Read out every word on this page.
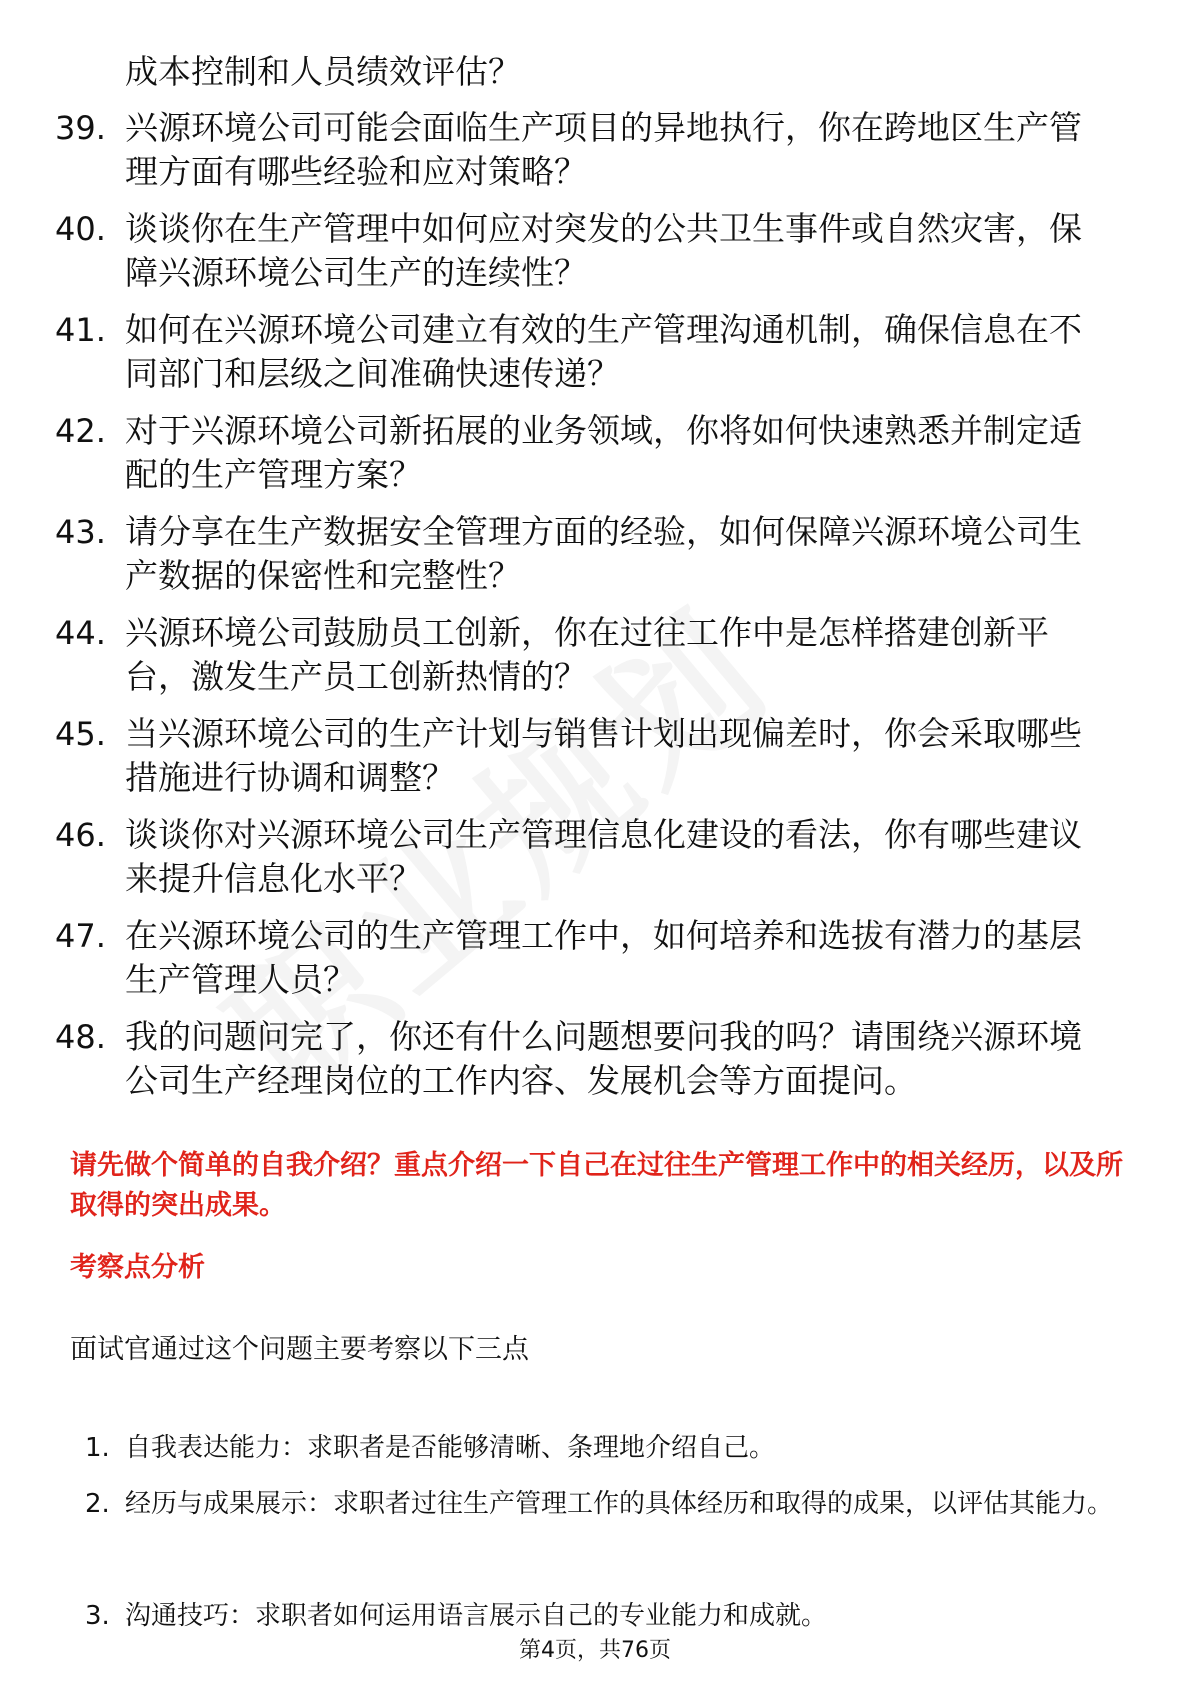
成本控制和人员绩效评估？
39. 兴源环境公司可能会面临生产项目的异地执行，你在跨地区生产管理方面有哪些经验和应对策略？
40. 谈谈你在生产管理中如何应对突发的公共卫生事件或自然灾害，保障兴源环境公司生产的连续性？
41. 如何在兴源环境公司建立有效的生产管理沟通机制，确保信息在不同部门和层级之间准确快速传递？
42. 对于兴源环境公司新拓展的业务领域，你将如何快速熟悉并制定适配的生产管理方案？
43. 请分享在生产数据安全管理方面的经验，如何保障兴源环境公司生产数据的保密性和完整性？
44. 兴源环境公司鼓励员工创新，你在过往工作中是怎样搭建创新平台，激发生产员工创新热情的？
45. 当兴源环境公司的生产计划与销售计划出现偏差时，你会采取哪些措施进行协调和调整？
46. 谈谈你对兴源环境公司生产管理信息化建设的看法，你有哪些建议来提升信息化水平？
47. 在兴源环境公司的生产管理工作中，如何培养和选拔有潜力的基层生产管理人员？
48. 我的问题问完了，你还有什么问题想要问我的吗？请围绕兴源环境公司生产经理岗位的工作内容、发展机会等方面提问。
请先做个简单的自我介绍？重点介绍一下自己在过往生产管理工作中的相关经历，以及所取得的突出成果。
考察点分析
面试官通过这个问题主要考察以下三点
1. 自我表达能力：求职者是否能够清晰、条理地介绍自己。
2. 经历与成果展示：求职者过往生产管理工作的具体经历和取得的成果，以评估其能力。
3. 沟通技巧：求职者如何运用语言展示自己的专业能力和成就。
第4页，共76页
